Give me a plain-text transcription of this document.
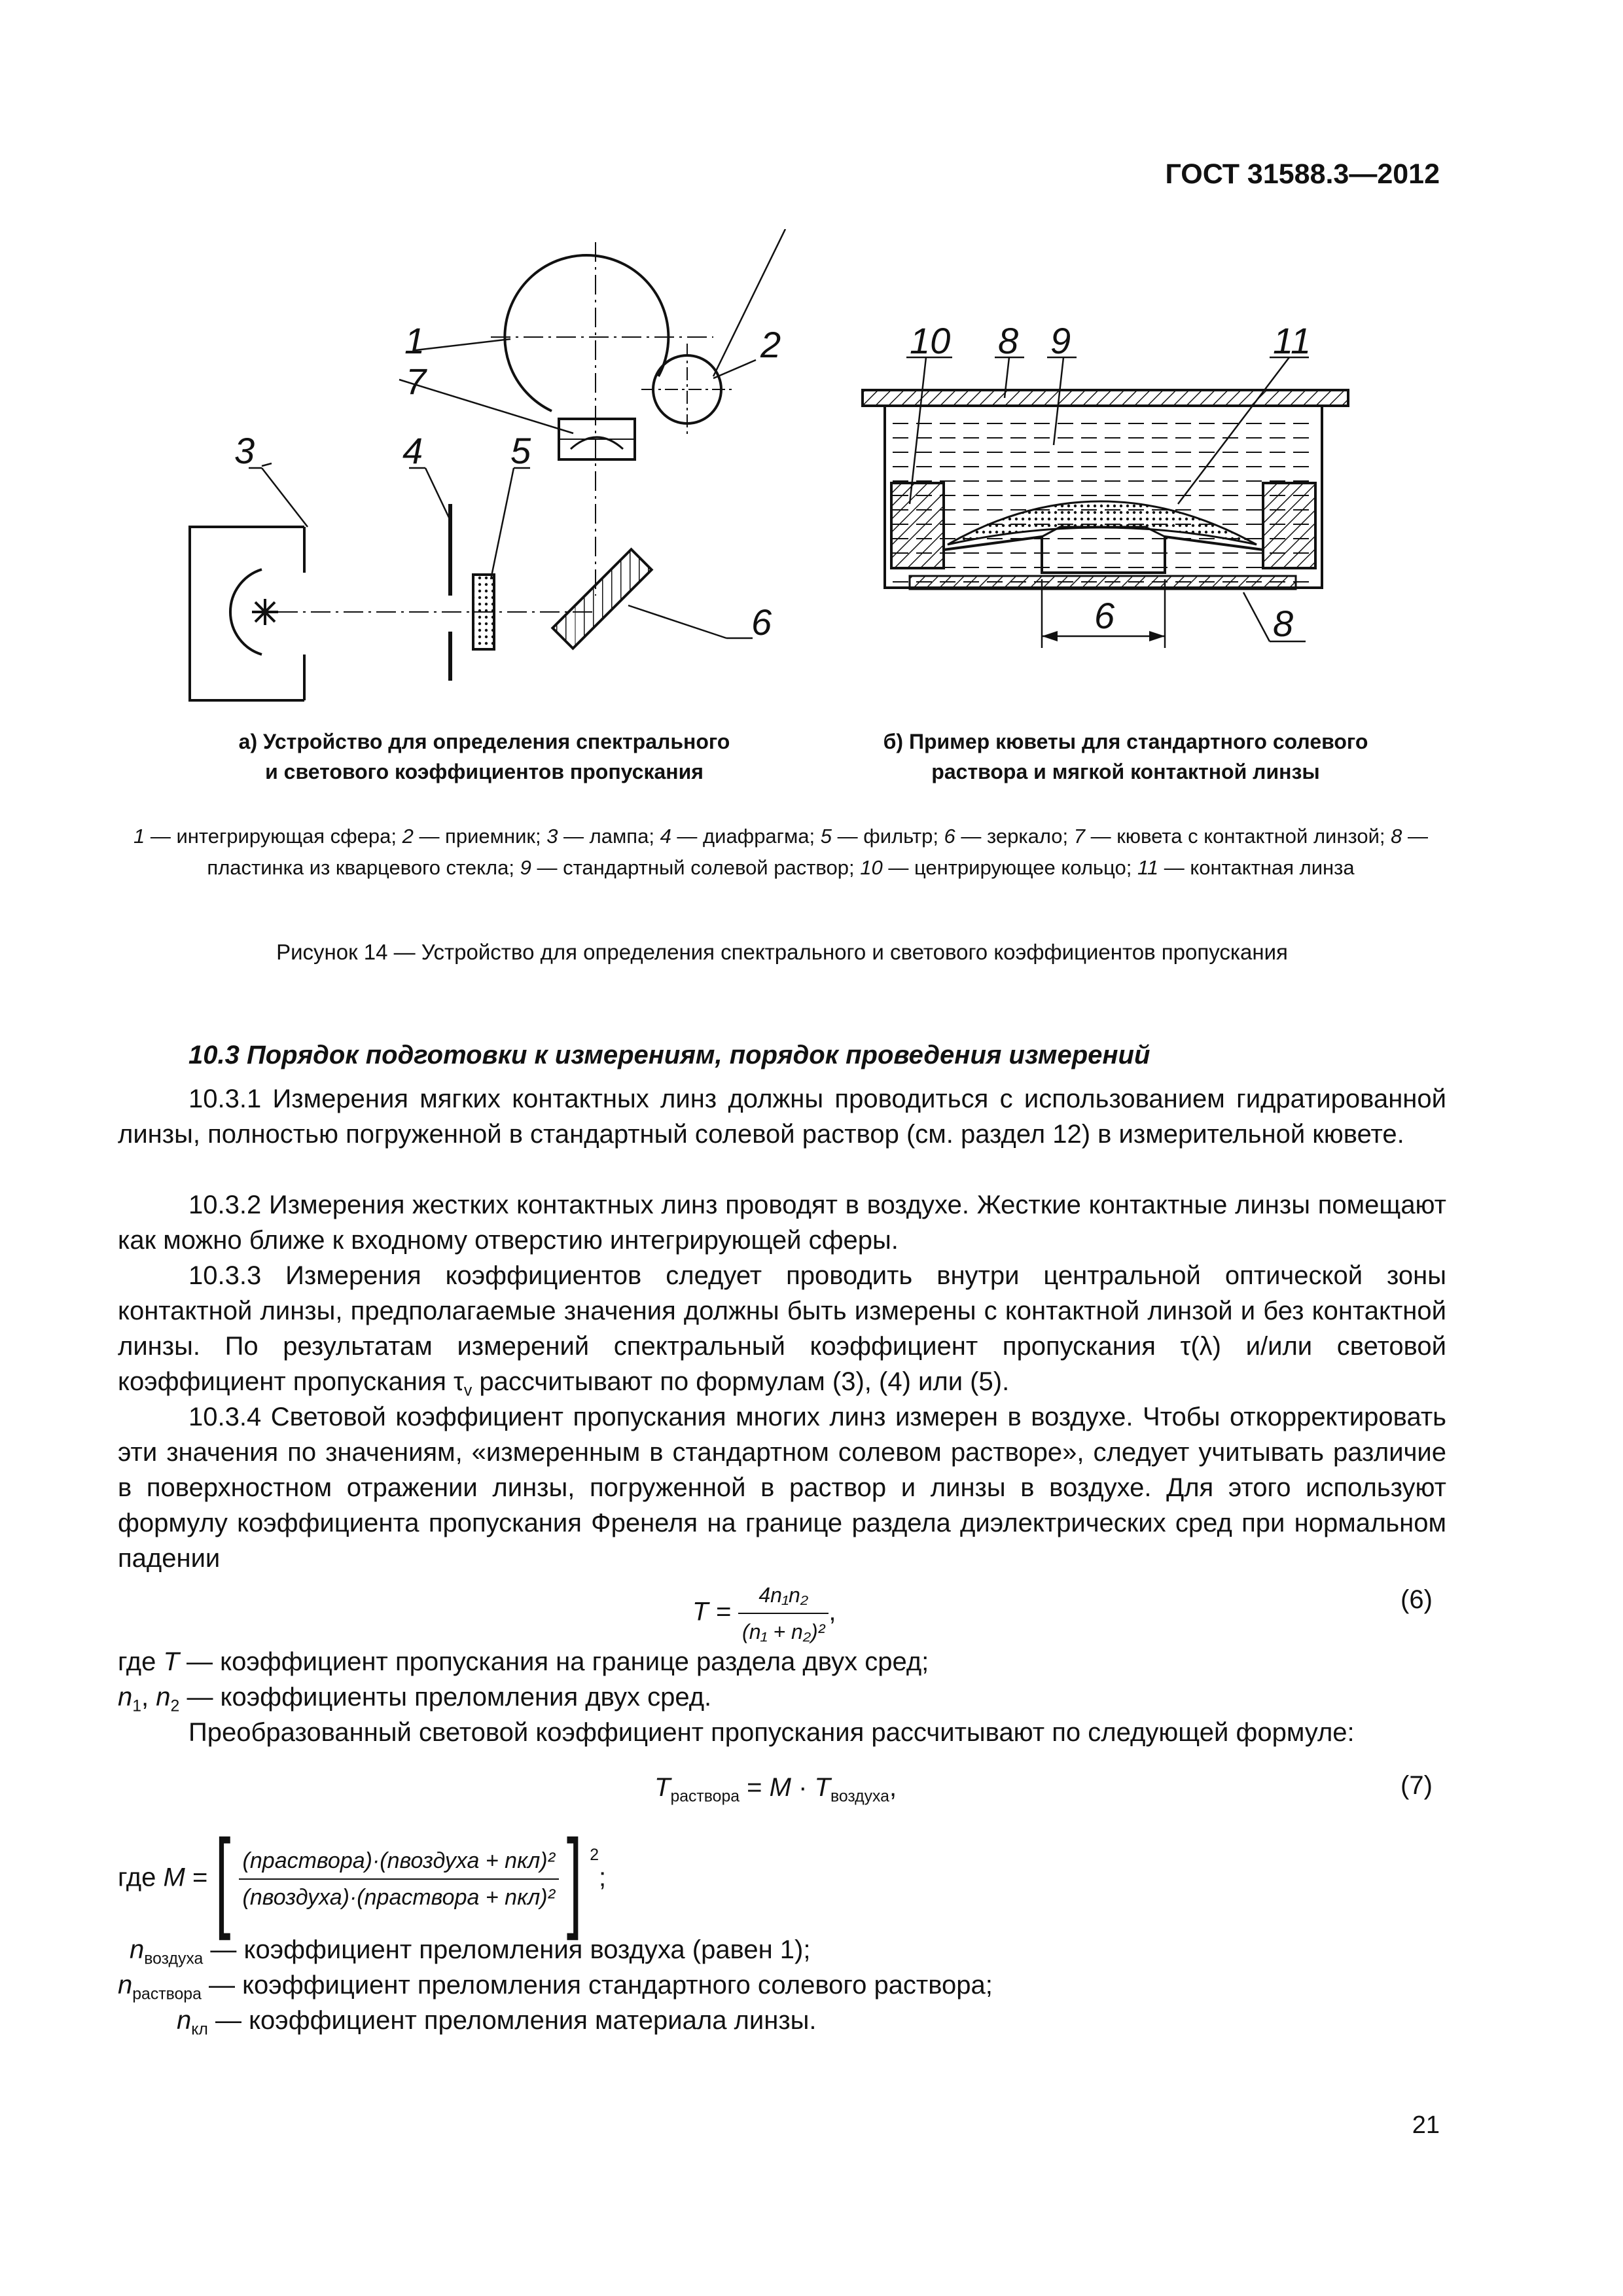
ГОСТ 31588.3—2012
1	2
3	4 5
6
7
10 8 9	11
6	8
а) Устройство для определения спектрального
и светового коэффициентов пропускания
б) Пример кюветы для стандартного солевого
раствора и мягкой контактной линзы
1 — интегрирующая сфера; 2 — приемник; 3 — лампа; 4 — диафрагма; 5 — фильтр; 6 — зеркало; 7 — кювета с контактной линзой; 8 — пластинка из кварцевого стекла; 9 — стандартный солевой раствор; 10 — центрирующее кольцо; 11 — контактная линза
Рисунок 14 — Устройство для определения спектрального и светового коэффициентов пропускания
10.3 Порядок подготовки к измерениям, порядок проведения измерений
10.3.1 Измерения мягких контактных линз должны проводиться с использованием гидратированной линзы, полностью погруженной в стандартный солевой раствор (см. раздел 12) в измерительной кювете.
10.3.2 Измерения жестких контактных линз проводят в воздухе. Жесткие контактные линзы помещают как можно ближе к входному отверстию интегрирующей сферы.
10.3.3 Измерения коэффициентов следует проводить внутри центральной оптической зоны контактной линзы, предполагаемые значения должны быть измерены с контактной линзой и без контактной линзы. По результатам измерений спектральный коэффициент пропускания τ(λ) и/или световой коэффициент пропускания $\tau_v$ рассчитывают по формулам (3), (4) или (5).
10.3.4 Световой коэффициент пропускания многих линз измерен в воздухе. Чтобы откорректировать эти значения по значениям, «измеренным в стандартном солевом растворе», следует учитывать различие в поверхностном отражении линзы, погруженной в раствор и линзы в воздухе. Для этого используют формулу коэффициента пропускания Френеля на границе раздела диэлектрических сред при нормальном падении
$T = \frac{\text{4n₁n₂}}{\text{(n₁ + n₂)²}}$ ,	(6)
где T — коэффициент пропускания на границе раздела двух сред;
$n_1$, $n_2$ — коэффициенты преломления двух сред.
Преобразованный световой коэффициент пропускания рассчитывают по следующей формуле:
$T_{раствора} = M \cdot T_{воздуха}$,	(7)
где M =[ $\frac{\text{(nраствора)·(nвоздуха + nкл)²}}{\text{(nвоздуха)·(nраствора + nкл)²}}$ ] $^2$;
$n_{воздуха}$ — коэффициент преломления воздуха (равен 1);
$n_{раствора}$ — коэффициент преломления стандартного солевого раствора;
$n_{кл}$ — коэффициент преломления материала линзы.
21
